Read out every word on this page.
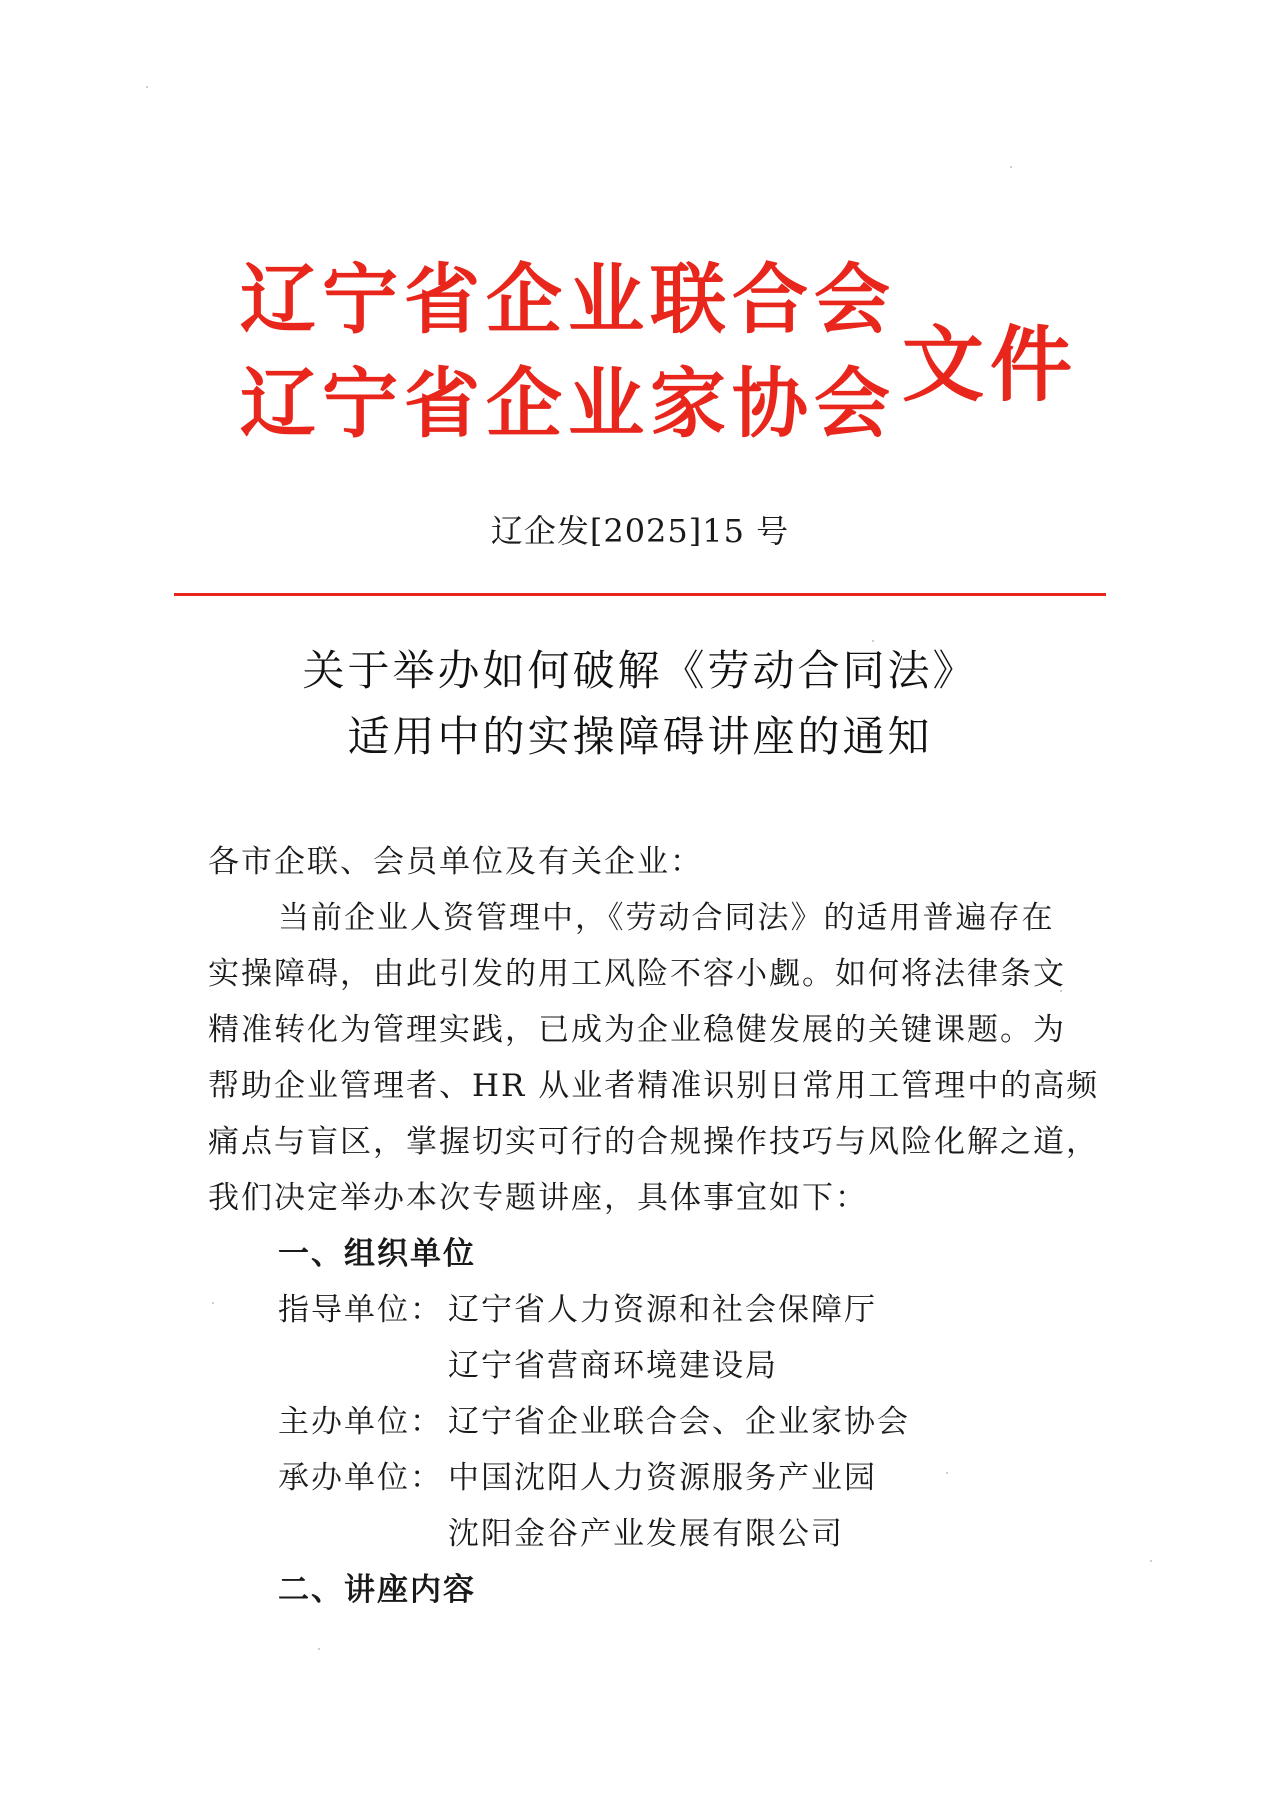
辽宁省企业联合会
辽宁省企业家协会 文件
辽企发[2025]15 号
关于举办如何破解《劳动合同法》
适用中的实操障碍讲座的通知
各市企联、会员单位及有关企业：
当前企业人资管理中，《劳动合同法》的适用普遍存在
实操障碍，由此引发的用工风险不容小觑。如何将法律条文
精准转化为管理实践，已成为企业稳健发展的关键课题。为
帮助企业管理者、HR 从业者精准识别日常用工管理中的高频
痛点与盲区，掌握切实可行的合规操作技巧与风险化解之道，
我们决定举办本次专题讲座，具体事宜如下：
一、组织单位
指导单位： 辽宁省人力资源和社会保障厅
辽宁省营商环境建设局
主办单位： 辽宁省企业联合会、企业家协会
承办单位： 中国沈阳人力资源服务产业园
沈阳金谷产业发展有限公司
二、讲座内容
